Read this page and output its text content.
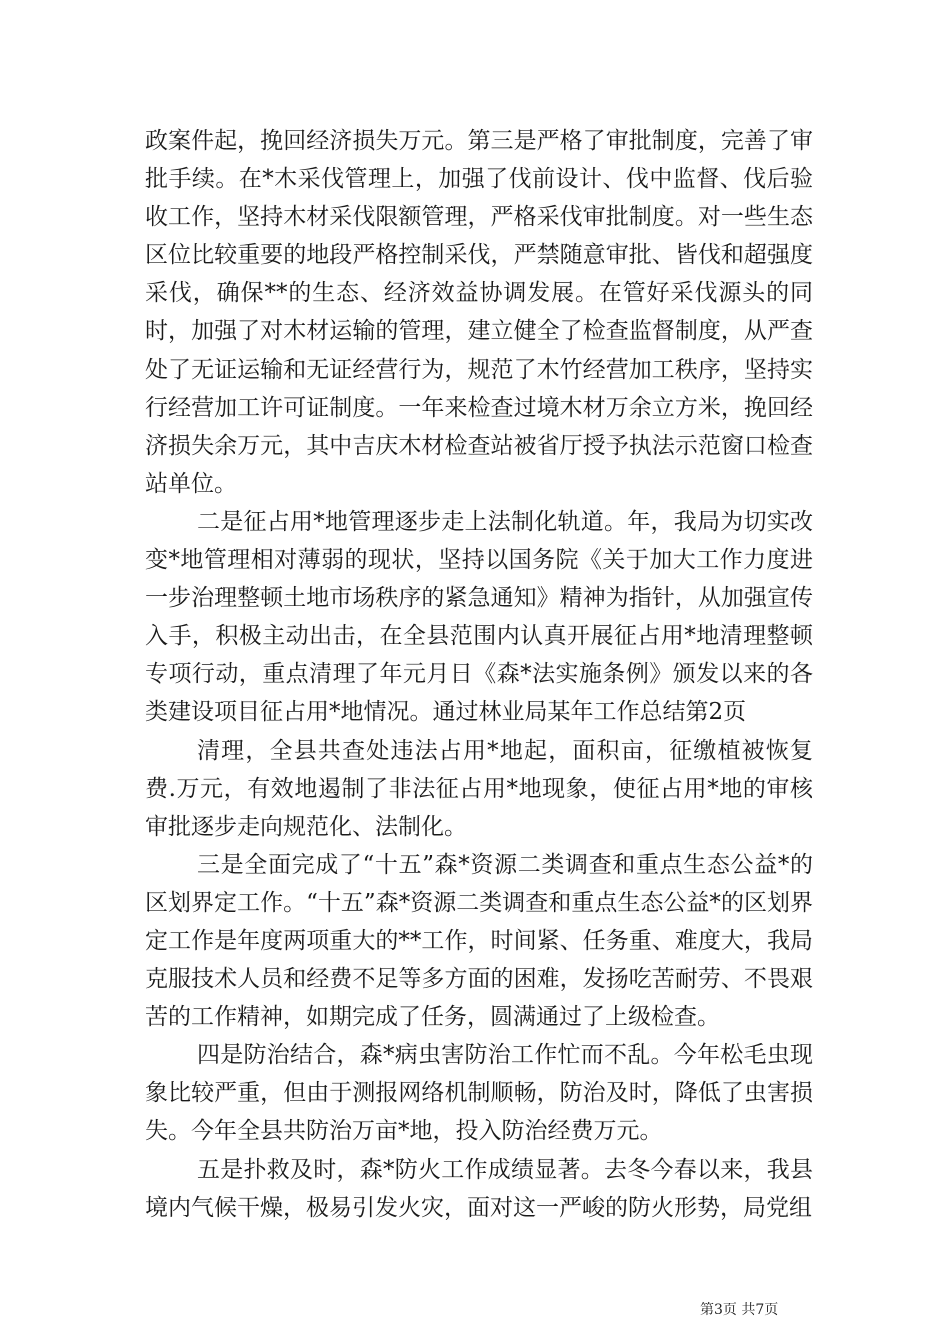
政案件起，挽回经济损失万元。第三是严格了审批制度，完善了审批手续。在*木采伐管理上，加强了伐前设计、伐中监督、伐后验收工作，坚持木材采伐限额管理，严格采伐审批制度。对一些生态区位比较重要的地段严格控制采伐，严禁随意审批、皆伐和超强度采伐，确保**的生态、经济效益协调发展。在管好采伐源头的同时，加强了对木材运输的管理，建立健全了检查监督制度，从严查处了无证运输和无证经营行为，规范了木竹经营加工秩序，坚持实行经营加工许可证制度。一年来检查过境木材万余立方米，挽回经济损失余万元，其中吉庆木材检查站被省厅授予执法示范窗口检查站单位。

二是征占用*地管理逐步走上法制化轨道。年，我局为切实改变*地管理相对薄弱的现状，坚持以国务院《关于加大工作力度进一步治理整顿土地市场秩序的紧急通知》精神为指针，从加强宣传入手，积极主动出击，在全县范围内认真开展征占用*地清理整顿专项行动，重点清理了年元月日《森*法实施条例》颁发以来的各类建设项目征占用*地情况。通过林业局某年工作总结第2页

清理，全县共查处违法占用*地起，面积亩，征缴植被恢复费.万元，有效地遏制了非法征占用*地现象，使征占用*地的审核审批逐步走向规范化、法制化。

三是全面完成了“十五”森*资源二类调查和重点生态公益*的区划界定工作。“十五”森*资源二类调查和重点生态公益*的区划界定工作是年度两项重大的**工作，时间紧、任务重、难度大，我局克服技术人员和经费不足等多方面的困难，发扬吃苦耐劳、不畏艰苦的工作精神，如期完成了任务，圆满通过了上级检查。

四是防治结合，森*病虫害防治工作忙而不乱。今年松毛虫现象比较严重，但由于测报网络机制顺畅，防治及时，降低了虫害损失。今年全县共防治万亩*地，投入防治经费万元。

五是扑救及时，森*防火工作成绩显著。去冬今春以来，我县境内气候干燥，极易引发火灾，面对这一严峻的防火形势，局党组

第3页 共7页
